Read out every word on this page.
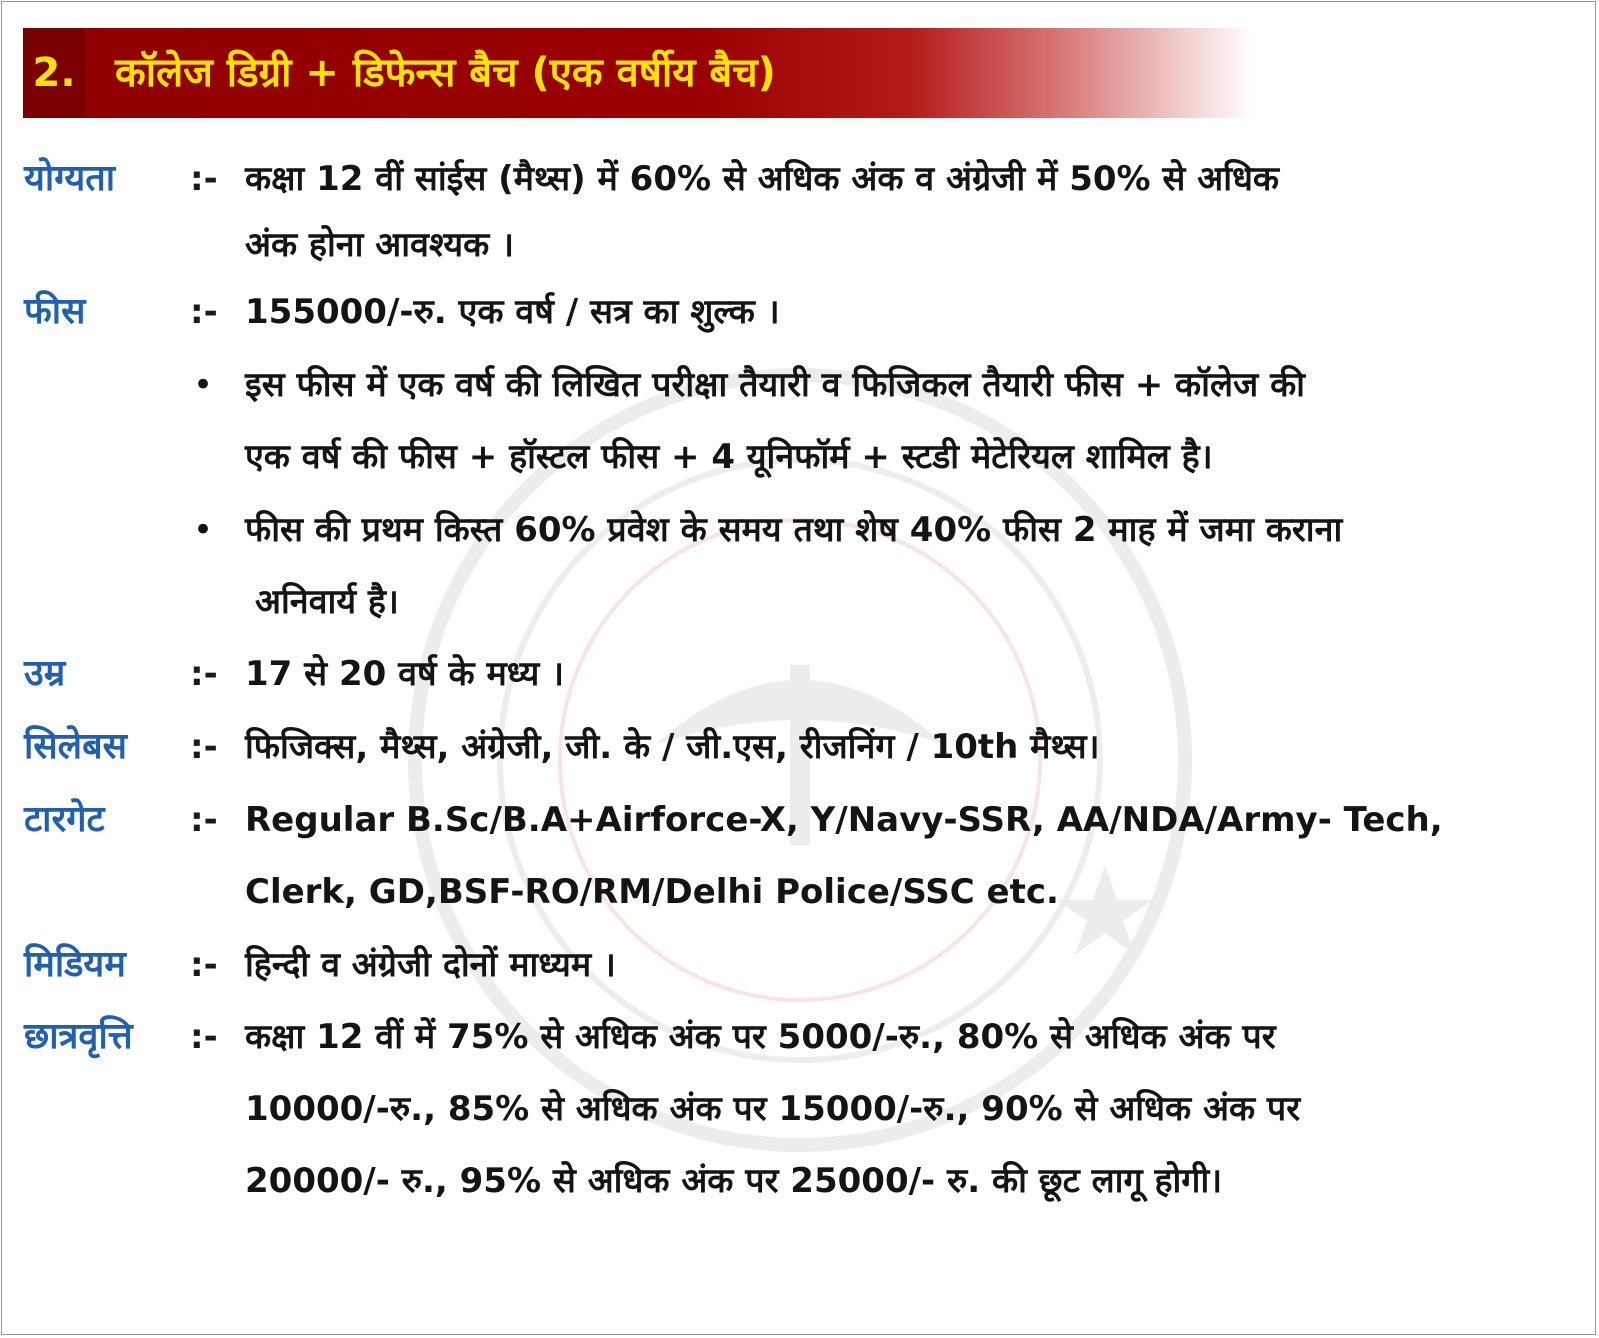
2. कॉलेज डिग्री + डिफेन्स बैच (एक वर्षीय बैच)
योग्यता :- कक्षा 12 वीं सांईस (मैथ्स) में 60% से अधिक अंक व अंग्रेजी में 50% से अधिक
अंक होना आवश्यक ।
फीस	:- 155000/-रु. एक वर्ष / सत्र का शुल्क ।
• इस फीस में एक वर्ष की लिखित परीक्षा तैयारी व फिजिकल तैयारी फीस + कॉलेज की
एक वर्ष की फीस + हॉस्टल फीस + 4 यूनिफॉर्म + स्टडी मेटेरियल शामिल है।
• फीस की प्रथम किस्त 60% प्रवेश के समय तथा शेष 40% फीस 2 माह में जमा कराना
अनिवार्य है।
उम्र	:- 17 से 20 वर्ष के मध्य ।
सिलेबस :- फिजिक्स, मैथ्स, अंग्रेजी, जी. के / जी.एस, रीजनिंग / 10th मैथ्स।
टारगेट	:- Regular B.Sc/B.A+Airforce-X, Y/Navy-SSR, AA/NDA/Army- Tech,
Clerk, GD,BSF-RO/RM/Delhi Police/SSC etc.
मिडियम :- हिन्दी व अंग्रेजी दोनों माध्यम ।
छात्रवृत्ति :- कक्षा 12 वीं में 75% से अधिक अंक पर 5000/-रु., 80% से अधिक अंक पर
10000/-रु., 85% से अधिक अंक पर 15000/-रु., 90% से अधिक अंक पर
20000/- रु., 95% से अधिक अंक पर 25000/- रु. की छूट लागू होगी।
